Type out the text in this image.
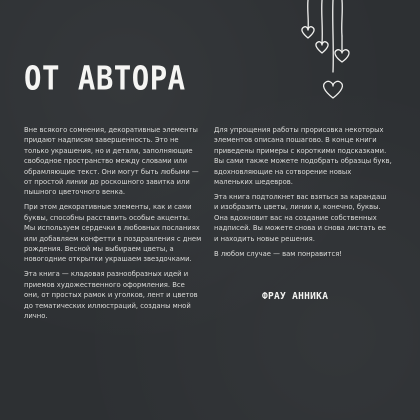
ОТ АВТОРА

Вне всякого сомнения, декоративные элементы придают надписям завершенность. Это не только украшения, но и детали, заполняющие свободное пространство между словами или обрамляющие текст. Они могут быть любыми — от простой линии до роскошного завитка или пышного цветочного венка.

При этом декоративные элементы, как и сами буквы, способны расставить особые акценты. Мы используем сердечки в любовных посланиях или добавляем конфетти в поздравления с днем рождения. Весной мы выбираем цветы, а новогодние открытки украшаем звездочками.

Эта книга — кладовая разнообразных идей и приемов художественного оформления. Все они, от простых рамок и уголков, лент и цветов до тематических иллюстраций, созданы мной лично.

Для упрощения работы прорисовка некоторых элементов описана пошагово. В конце книги приведены примеры с короткими подсказками. Вы сами также можете подобрать образцы букв, вдохновляющие на сотворение новых маленьких шедевров.

Эта книга подтолкнет вас взяться за карандаш и изобразить цветы, линии и, конечно, буквы. Она вдохновит вас на создание собственных надписей. Вы можете снова и снова листать ее и находить новые решения.

В любом случае — вам понравится!

ФРАУ АННИКА
